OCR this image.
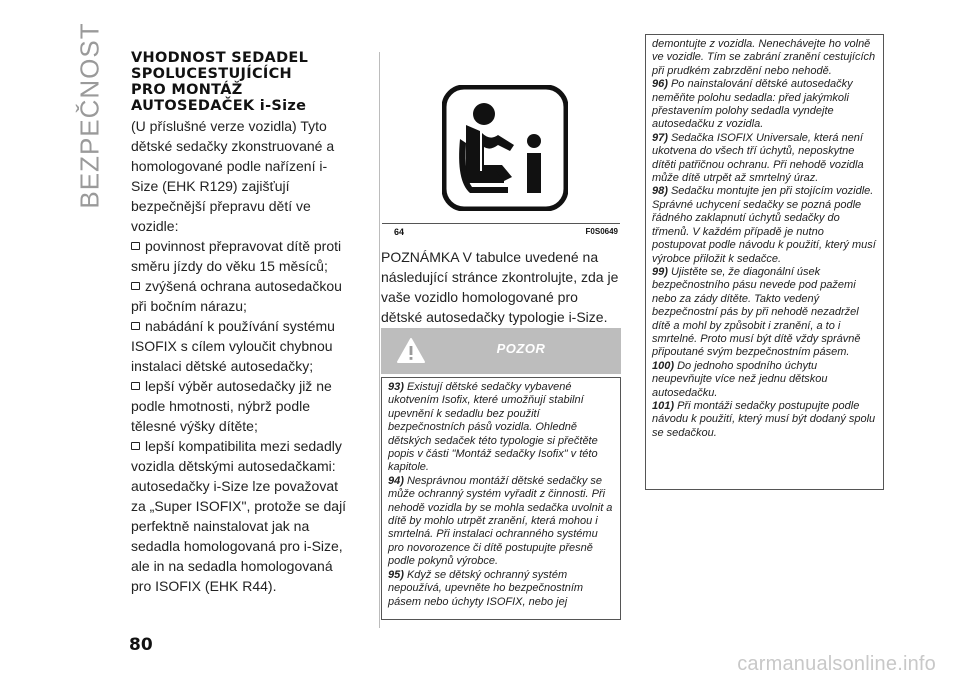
BEZPEČNOST VHODNOST SEDADEL
SPOLUCESTUJÍCÍCH
PRO MONTÁŽ
AUTOSEDAČEK i-Size

(U příslušné verze vozidla) Tyto dětské sedačky zkonstruované a homologované podle nařízení i-Size (EHK R129) zajišťují bezpečnější přepravu dětí ve vozidle:

povinnost přepravovat dítě proti směru jízdy do věku 15 měsíců;

zvýšená ochrana autosedačkou při bočním nárazu;

nabádání k používání systému ISOFIX s cílem vyloučit chybnou instalaci dětské autosedačky;

lepší výběr autosedačky již ne podle hmotnosti, nýbrž podle tělesné výšky dítěte;

lepší kompatibilita mezi sedadly vozidla dětskými autosedačkami: autosedačky i-Size lze považovat za „Super ISOFIX", protože se dají perfektně nainstalovat jak na sedadla homologovaná pro i-Size, ale in na sedadla homologovaná pro ISOFIX (EHK R44).

64	F0S0649

POZNÁMKA V tabulce uvedené na následující stránce zkontrolujte, zda je vaše vozidlo homologované pro dětské autosedačky typologie i-Size.

POZOR

93) Existují dětské sedačky vybavené ukotvením Isofix, které umožňují stabilní upevnění k sedadlu bez použití bezpečnostních pásů vozidla. Ohledně dětských sedaček této typologie si přečtěte popis v části "Montáž sedačky Isofix" v této kapitole.

94) Nesprávnou montáží dětské sedačky se může ochranný systém vyřadit z činnosti. Při nehodě vozidla by se mohla sedačka uvolnit a dítě by mohlo utrpět zranění, která mohou i smrtelná. Při instalaci ochranného systému pro novorozence či dítě postupujte přesně podle pokynů výrobce.

95) Když se dětský ochranný systém nepoužívá, upevněte ho bezpečnostním pásem nebo úchyty ISOFIX, nebo jej

demontujte z vozidla. Nenechávejte ho volně ve vozidle. Tím se zabrání zranění cestujících při prudkém zabrzdění nebo nehodě.

96) Po nainstalování dětské autosedačky neměňte polohu sedadla: před jakýmkoli přestavením polohy sedadla vyndejte autosedačku z vozidla.

97) Sedačka ISOFIX Universale, která není ukotvena do všech tří úchytů, neposkytne dítěti patřičnou ochranu. Při nehodě vozidla může dítě utrpět až smrtelný úraz.

98) Sedačku montujte jen při stojícím vozidle. Správné uchycení sedačky se pozná podle řádného zaklapnutí úchytů sedačky do třmenů. V každém případě je nutno postupovat podle návodu k použití, který musí výrobce přiložit k sedačce.

99) Ujistěte se, že diagonální úsek bezpečnostního pásu nevede pod pažemi nebo za zády dítěte. Takto vedený bezpečnostní pás by při nehodě nezadržel dítě a mohl by způsobit i zranění, a to i smrtelné. Proto musí být dítě vždy správně připoutané svým bezpečnostním pásem.

100) Do jednoho spodního úchytu neupevňujte více než jednu dětskou autosedačku.

101) Při montáži sedačky postupujte podle návodu k použití, který musí být dodaný spolu se sedačkou.

80
carmanualsonline.info
